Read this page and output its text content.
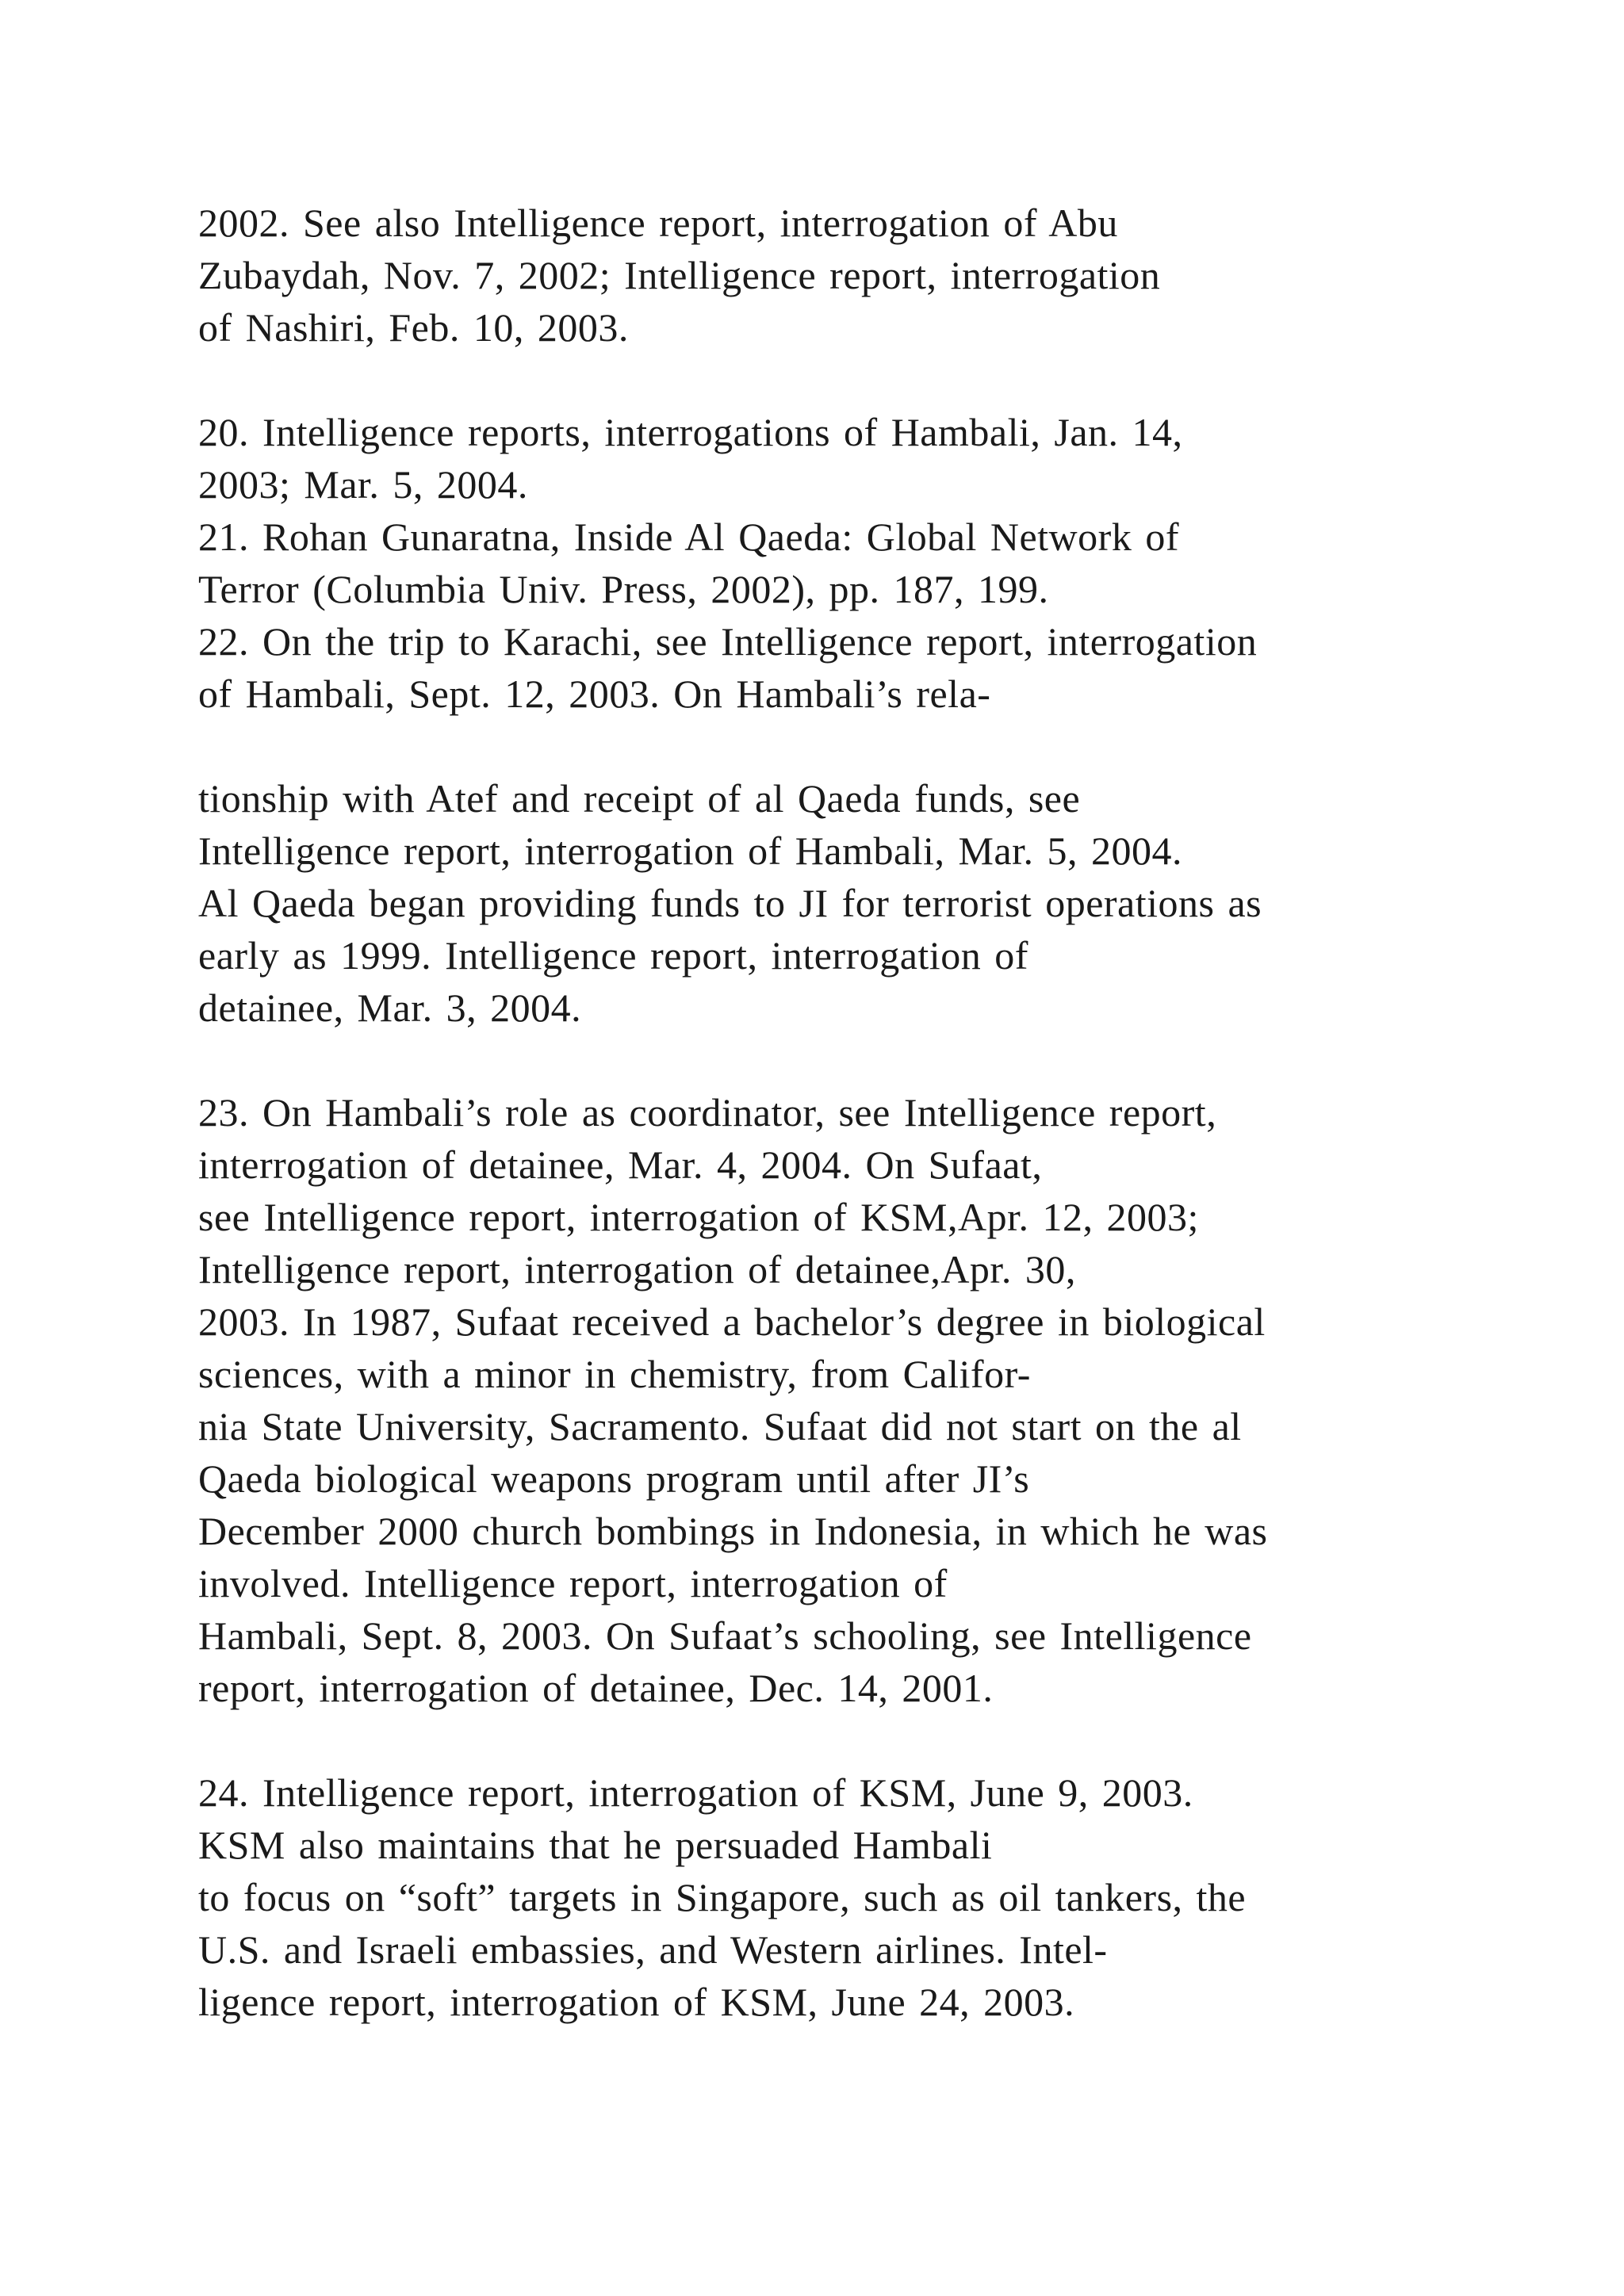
2002. See also Intelligence report, interrogation of Abu
Zubaydah, Nov. 7, 2002; Intelligence report, interrogation
of Nashiri, Feb. 10, 2003.
20. Intelligence reports, interrogations of Hambali, Jan. 14,
2003; Mar. 5, 2004.
21. Rohan Gunaratna, Inside Al Qaeda: Global Network of
Terror (Columbia Univ. Press, 2002), pp. 187, 199.
22. On the trip to Karachi, see Intelligence report, interrogation
of Hambali, Sept. 12, 2003. On Hambali’s rela-
tionship with Atef and receipt of al Qaeda funds, see
Intelligence report, interrogation of Hambali, Mar. 5, 2004.
Al Qaeda began providing funds to JI for terrorist operations as
early as 1999. Intelligence report, interrogation of
detainee, Mar. 3, 2004.
23. On Hambali’s role as coordinator, see Intelligence report,
interrogation of detainee, Mar. 4, 2004. On Sufaat,
see Intelligence report, interrogation of KSM,Apr. 12, 2003;
Intelligence report, interrogation of detainee,Apr. 30,
2003. In 1987, Sufaat received a bachelor’s degree in biological
sciences, with a minor in chemistry, from Califor-
nia State University, Sacramento. Sufaat did not start on the al
Qaeda biological weapons program until after JI’s
December 2000 church bombings in Indonesia, in which he was
involved. Intelligence report, interrogation of
Hambali, Sept. 8, 2003. On Sufaat’s schooling, see Intelligence
report, interrogation of detainee, Dec. 14, 2001.
24. Intelligence report, interrogation of KSM, June 9, 2003.
KSM also maintains that he persuaded Hambali
to focus on “soft” targets in Singapore, such as oil tankers, the
U.S. and Israeli embassies, and Western airlines. Intel-
ligence report, interrogation of KSM, June 24, 2003.
